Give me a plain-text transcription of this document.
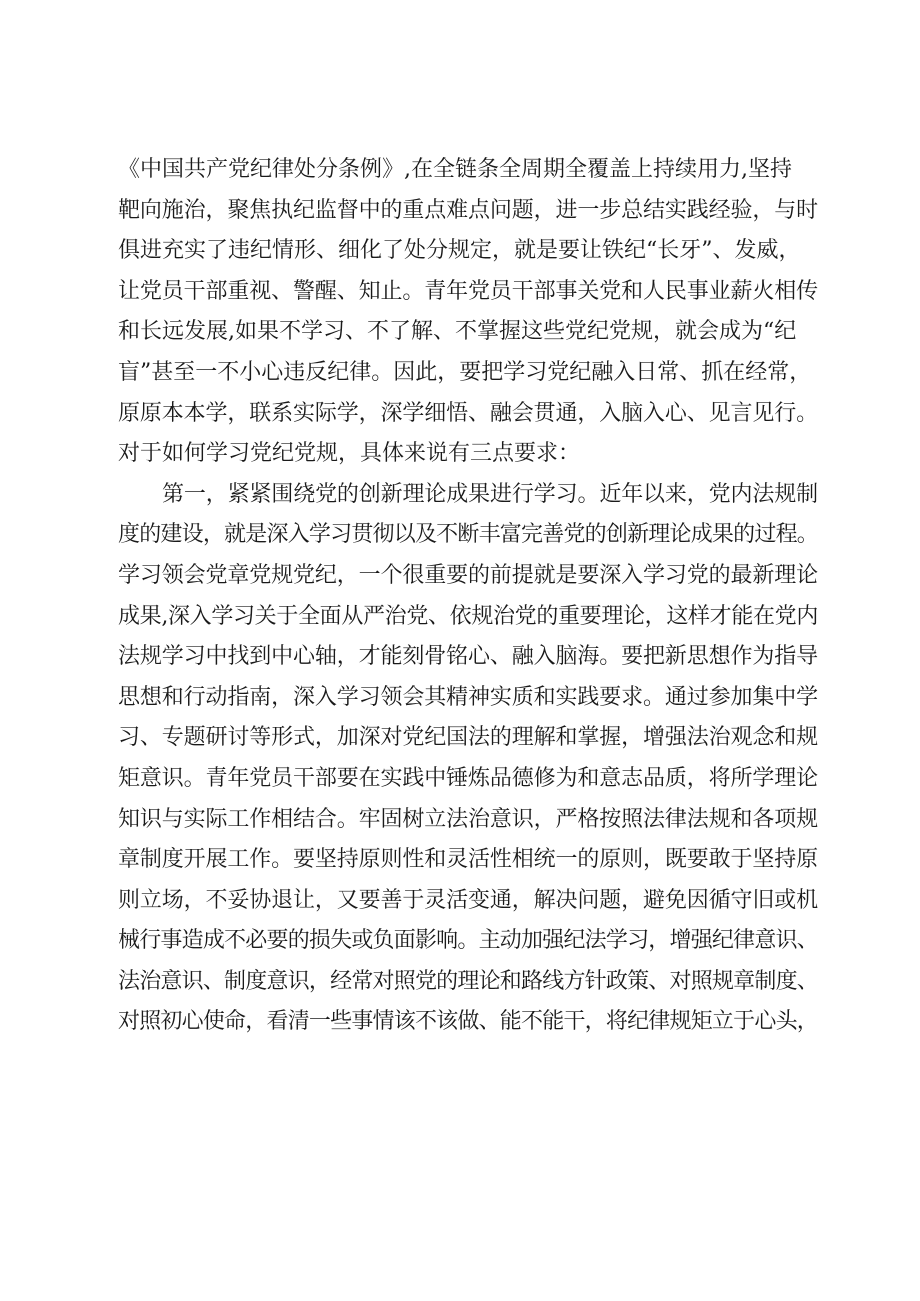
《中国共产党纪律处分条例》,在全链条全周期全覆盖上持续用力,坚持
靶向施治，聚焦执纪监督中的重点难点问题，进一步总结实践经验，与时
俱进充实了违纪情形、细化了处分规定，就是要让铁纪“长牙”、发威，
让党员干部重视、警醒、知止。青年党员干部事关党和人民事业薪火相传
和长远发展,如果不学习、不了解、不掌握这些党纪党规，就会成为“纪
盲”甚至一不小心违反纪律。因此，要把学习党纪融入日常、抓在经常，
原原本本学，联系实际学，深学细悟、融会贯通，入脑入心、见言见行。
对于如何学习党纪党规，具体来说有三点要求：
第一，紧紧围绕党的创新理论成果进行学习。近年以来，党内法规制
度的建设，就是深入学习贯彻以及不断丰富完善党的创新理论成果的过程。
学习领会党章党规党纪，一个很重要的前提就是要深入学习党的最新理论
成果,深入学习关于全面从严治党、依规治党的重要理论，这样才能在党内
法规学习中找到中心轴，才能刻骨铭心、融入脑海。要把新思想作为指导
思想和行动指南，深入学习领会其精神实质和实践要求。通过参加集中学
习、专题研讨等形式，加深对党纪国法的理解和掌握，增强法治观念和规
矩意识。青年党员干部要在实践中锤炼品德修为和意志品质，将所学理论
知识与实际工作相结合。牢固树立法治意识，严格按照法律法规和各项规
章制度开展工作。要坚持原则性和灵活性相统一的原则，既要敢于坚持原
则立场，不妥协退让，又要善于灵活变通，解决问题，避免因循守旧或机
械行事造成不必要的损失或负面影响。主动加强纪法学习，增强纪律意识、
法治意识、制度意识，经常对照党的理论和路线方针政策、对照规章制度、
对照初心使命，看清一些事情该不该做、能不能干，将纪律规矩立于心头，
